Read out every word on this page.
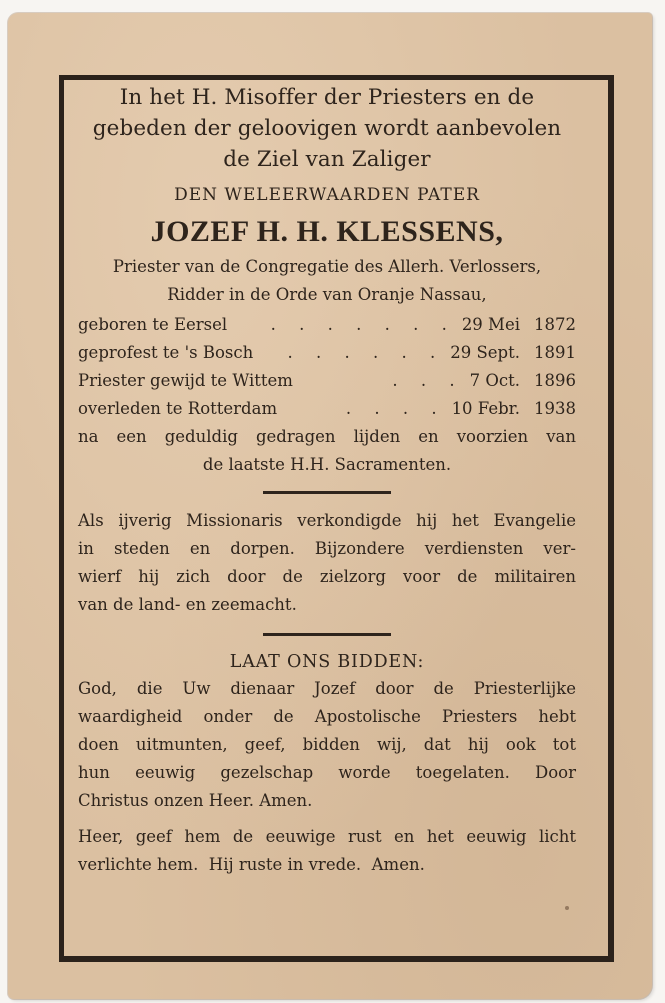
In het H. Misoffer der Priesters en de
gebeden der geloovigen wordt aanbevolen
de Ziel van Zaliger
DEN WELEERWAARDEN PATER
JOZEF H. H. KLESSENS,
Priester van de Congregatie des Allerh. Verlossers,
Ridder in de Orde van Oranje Nassau,
geboren te Eersel	. . . . . . . 29 Mei 1872
geprofest te 's Bosch	. . . . . . 29 Sept. 1891
Priester gewijd te Wittem	. . . 7 Oct. 1896
overleden te Rotterdam	. . . . 10 Febr. 1938
na een geduldig gedragen lijden en voorzien van
de laatste H.H. Sacramenten.
Als ijverig Missionaris verkondigde hij het Evangelie
in steden en dorpen. Bijzondere verdiensten ver-
wierf hij zich door de zielzorg voor de militairen
van de land- en zeemacht.
LAAT ONS BIDDEN:
God, die Uw dienaar Jozef door de Priesterlijke
waardigheid onder de Apostolische Priesters hebt
doen uitmunten, geef, bidden wij, dat hij ook tot
hun eeuwig gezelschap worde toegelaten. Door
Christus onzen Heer. Amen.
Heer, geef hem de eeuwige rust en het eeuwig licht
verlichte hem.  Hij ruste in vrede.  Amen.
